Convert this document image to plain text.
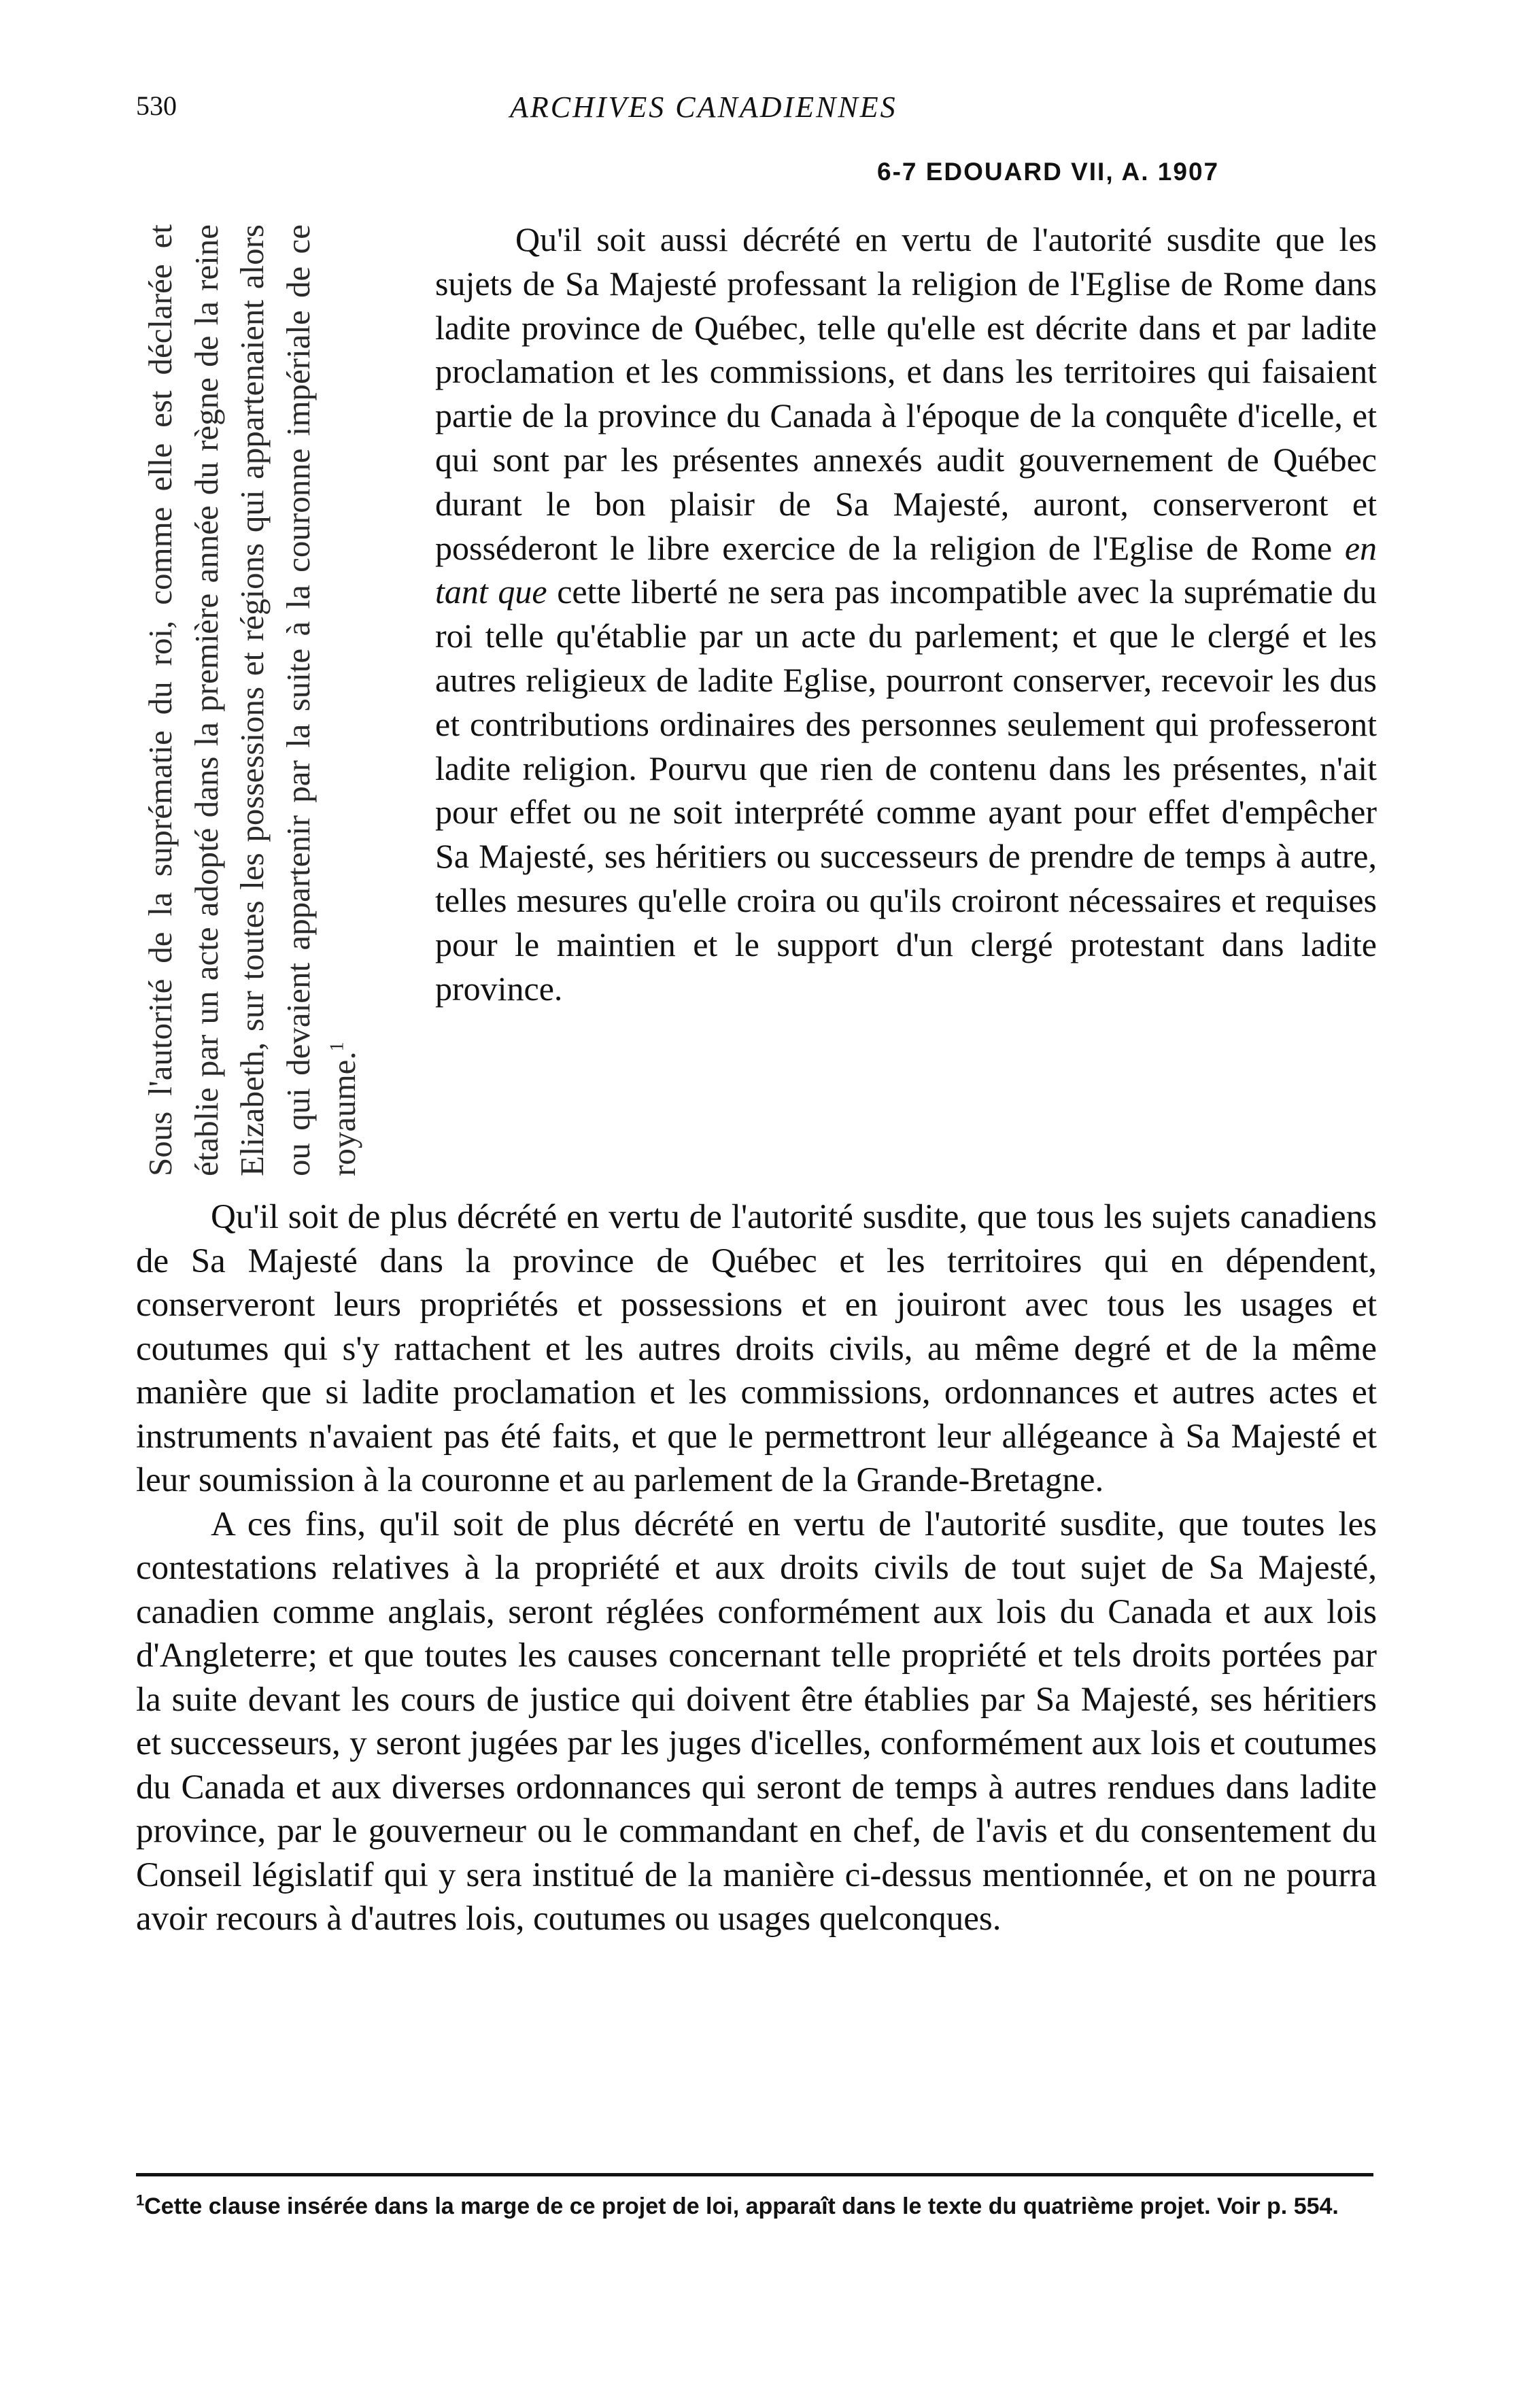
530	ARCHIVES CANADIENNES
6-7 EDOUARD VII, A. 1907
Sous l'autorité de la suprématie du roi, comme elle est déclarée et établie par un acte adopté dans la première année du règne de la reine Elizabeth, sur toutes les possessions et régions qui appartenaient alors ou qui devaient appartenir par la suite à la couronne impériale de ce royaume.$^1$

Qu'il soit aussi décrété en vertu de l'autorité susdite que les sujets de Sa Majesté professant la religion de l'Eglise de Rome dans ladite province de Québec, telle qu'elle est décrite dans et par ladite proclamation et les commissions, et dans les territoires qui faisaient partie de la province du Canada à l'époque de la conquête d'icelle, et qui sont par les présentes annexés audit gouvernement de Québec durant le bon plaisir de Sa Majesté, auront, conserveront et posséderont le libre exercice de la religion de l'Eglise de Rome en tant que cette liberté ne sera pas incompatible avec la suprématie du roi telle qu'établie par un acte du parlement; et que le clergé et les autres religieux de ladite Eglise, pourront conserver, recevoir les dus et contributions ordinaires des personnes seulement qui professeront ladite religion. Pourvu que rien de contenu dans les présentes, n'ait pour effet ou ne soit interprété comme ayant pour effet d'empêcher Sa Majesté, ses héritiers ou successeurs de prendre de temps à autre, telles mesures qu'elle croira ou qu'ils croiront nécessaires et requises pour le maintien et le support d'un clergé protestant dans ladite province.

Qu'il soit de plus décrété en vertu de l'autorité susdite, que tous les sujets canadiens de Sa Majesté dans la province de Québec et les territoires qui en dépendent, conserveront leurs propriétés et possessions et en jouiront avec tous les usages et coutumes qui s'y rattachent et les autres droits civils, au même degré et de la même manière que si ladite proclamation et les commissions, ordonnances et autres actes et instruments n'avaient pas été faits, et que le permettront leur allégeance à Sa Majesté et leur soumission à la couronne et au parlement de la Grande-Bretagne.

A ces fins, qu'il soit de plus décrété en vertu de l'autorité susdite, que toutes les contestations relatives à la propriété et aux droits civils de tout sujet de Sa Majesté, canadien comme anglais, seront réglées conformément aux lois du Canada et aux lois d'Angleterre; et que toutes les causes concernant telle propriété et tels droits portées par la suite devant les cours de justice qui doivent être établies par Sa Majesté, ses héritiers et successeurs, y seront jugées par les juges d'icelles, conformément aux lois et coutumes du Canada et aux diverses ordonnances qui seront de temps à autres rendues dans ladite province, par le gouverneur ou le commandant en chef, de l'avis et du consentement du Conseil législatif qui y sera institué de la manière ci-dessus mentionnée, et on ne pourra avoir recours à d'autres lois, coutumes ou usages quelconques.

$^1$Cette clause insérée dans la marge de ce projet de loi, apparaît dans le texte du quatrième projet. Voir p. 554.
